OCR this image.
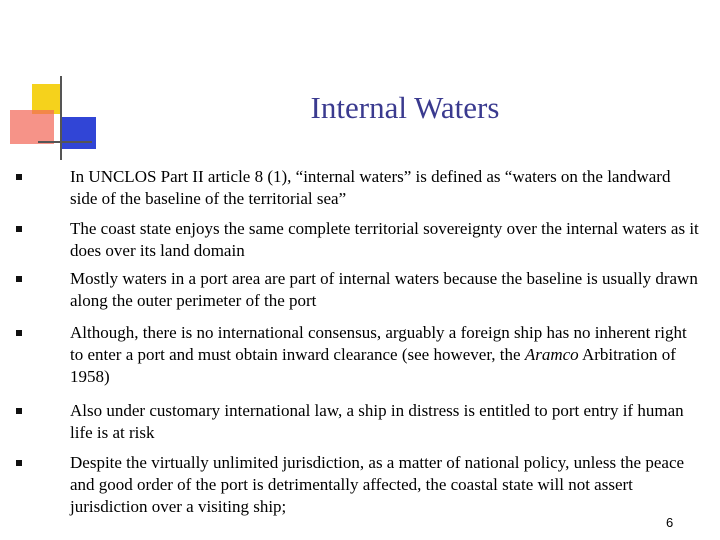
Internal Waters
In UNCLOS Part II article 8 (1), “internal waters” is defined as “waters on the landward side of the baseline of the territorial sea”
The coast state enjoys the same complete territorial sovereignty over the internal waters as it does over its land domain
Mostly waters in a port area are part of internal waters because the baseline is usually drawn along the outer perimeter of the port
Although, there is no international consensus, arguably a foreign ship has no inherent right to enter a port and must obtain inward clearance (see however, the Aramco Arbitration of 1958)
Also under customary international law, a ship in distress is entitled to port entry if human life is at risk
Despite the virtually unlimited jurisdiction, as a matter of national policy, unless the peace and good order of the port is detrimentally affected, the coastal state will not assert jurisdiction over a visiting ship;
6
